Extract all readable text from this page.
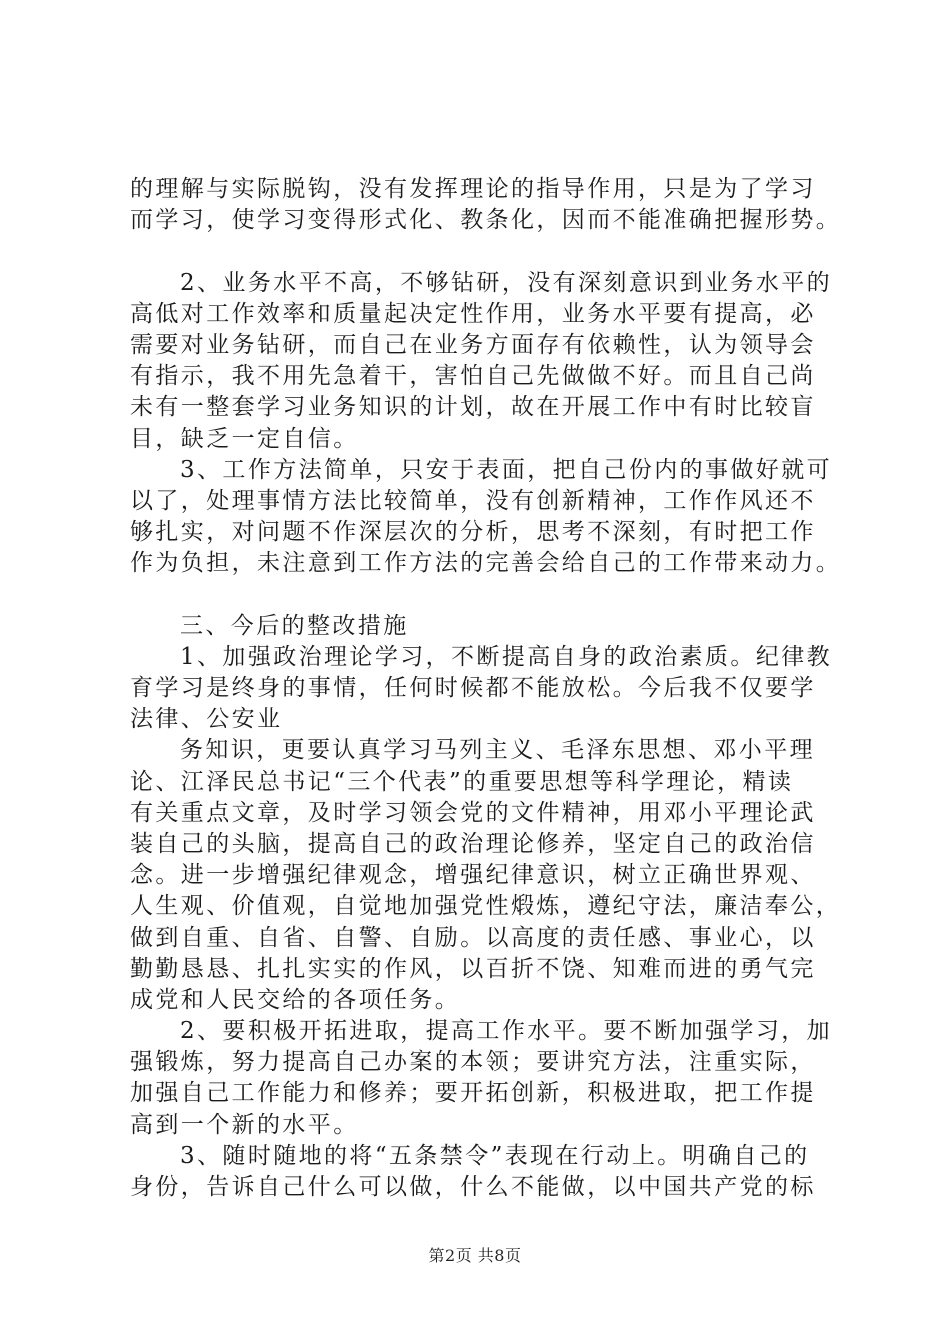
的理解与实际脱钩，没有发挥理论的指导作用，只是为了学习
而学习，使学习变得形式化、教条化，因而不能准确把握形势。
2、业务水平不高，不够钻研，没有深刻意识到业务水平的
高低对工作效率和质量起决定性作用，业务水平要有提高，必
需要对业务钻研，而自己在业务方面存有依赖性，认为领导会
有指示，我不用先急着干，害怕自己先做做不好。而且自己尚
未有一整套学习业务知识的计划，故在开展工作中有时比较盲
目，缺乏一定自信。
3、工作方法简单，只安于表面，把自己份内的事做好就可
以了，处理事情方法比较简单，没有创新精神，工作作风还不
够扎实，对问题不作深层次的分析，思考不深刻，有时把工作
作为负担，未注意到工作方法的完善会给自己的工作带来动力。
三、今后的整改措施
1、加强政治理论学习，不断提高自身的政治素质。纪律教
育学习是终身的事情，任何时候都不能放松。今后我不仅要学
法律、公安业
务知识，更要认真学习马列主义、毛泽东思想、邓小平理
论、江泽民总书记“三个代表”的重要思想等科学理论，精读
有关重点文章，及时学习领会党的文件精神，用邓小平理论武
装自己的头脑，提高自己的政治理论修养，坚定自己的政治信
念。进一步增强纪律观念，增强纪律意识，树立正确世界观、
人生观、价值观，自觉地加强党性煅炼，遵纪守法，廉洁奉公，
做到自重、自省、自警、自励。以高度的责任感、事业心，以
勤勤恳恳、扎扎实实的作风，以百折不饶、知难而进的勇气完
成党和人民交给的各项任务。
2、要积极开拓进取，提高工作水平。要不断加强学习，加
强锻炼，努力提高自己办案的本领；要讲究方法，注重实际，
加强自己工作能力和修养；要开拓创新，积极进取，把工作提
高到一个新的水平。
3、随时随地的将“五条禁令”表现在行动上。明确自己的
身份，告诉自己什么可以做，什么不能做，以中国共产党的标
第2页 共8页
